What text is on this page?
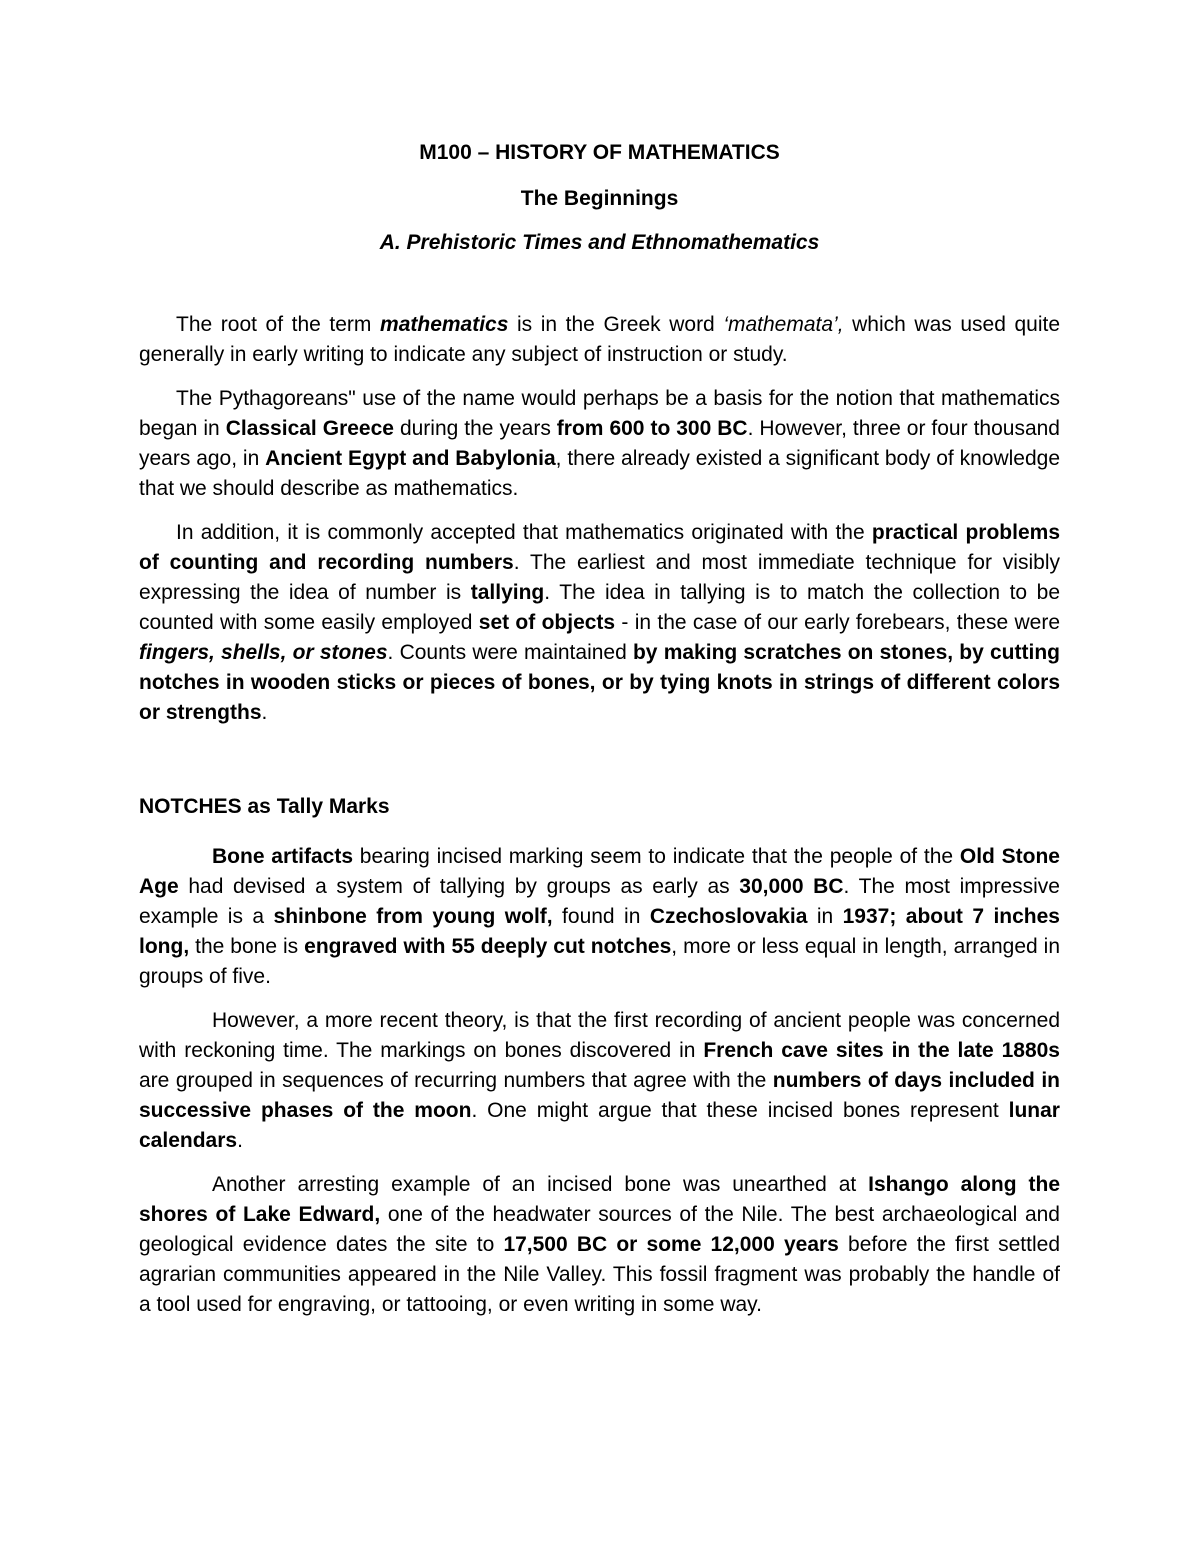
M100 – HISTORY OF MATHEMATICS
The Beginnings
A. Prehistoric Times and Ethnomathematics

The root of the term mathematics is in the Greek word ‘mathemata’, which was used quite generally in early writing to indicate any subject of instruction or study.

The Pythagoreans" use of the name would perhaps be a basis for the notion that mathematics began in Classical Greece during the years from 600 to 300 BC. However, three or four thousand years ago, in Ancient Egypt and Babylonia, there already existed a significant body of knowledge that we should describe as mathematics.

In addition, it is commonly accepted that mathematics originated with the practical problems of counting and recording numbers. The earliest and most immediate technique for visibly expressing the idea of number is tallying. The idea in tallying is to match the collection to be counted with some easily employed set of objects - in the case of our early forebears, these were fingers, shells, or stones. Counts were maintained by making scratches on stones, by cutting notches in wooden sticks or pieces of bones, or by tying knots in strings of different colors or strengths.

NOTCHES as Tally Marks

Bone artifacts bearing incised marking seem to indicate that the people of the Old Stone Age had devised a system of tallying by groups as early as 30,000 BC. The most impressive example is a shinbone from young wolf, found in Czechoslovakia in 1937; about 7 inches long, the bone is engraved with 55 deeply cut notches, more or less equal in length, arranged in groups of five.

However, a more recent theory, is that the first recording of ancient people was concerned with reckoning time. The markings on bones discovered in French cave sites in the late 1880s are grouped in sequences of recurring numbers that agree with the numbers of days included in successive phases of the moon. One might argue that these incised bones represent lunar calendars.

Another arresting example of an incised bone was unearthed at Ishango along the shores of Lake Edward, one of the headwater sources of the Nile. The best archaeological and geological evidence dates the site to 17,500 BC or some 12,000 years before the first settled agrarian communities appeared in the Nile Valley. This fossil fragment was probably the handle of a tool used for engraving, or tattooing, or even writing in some way.
